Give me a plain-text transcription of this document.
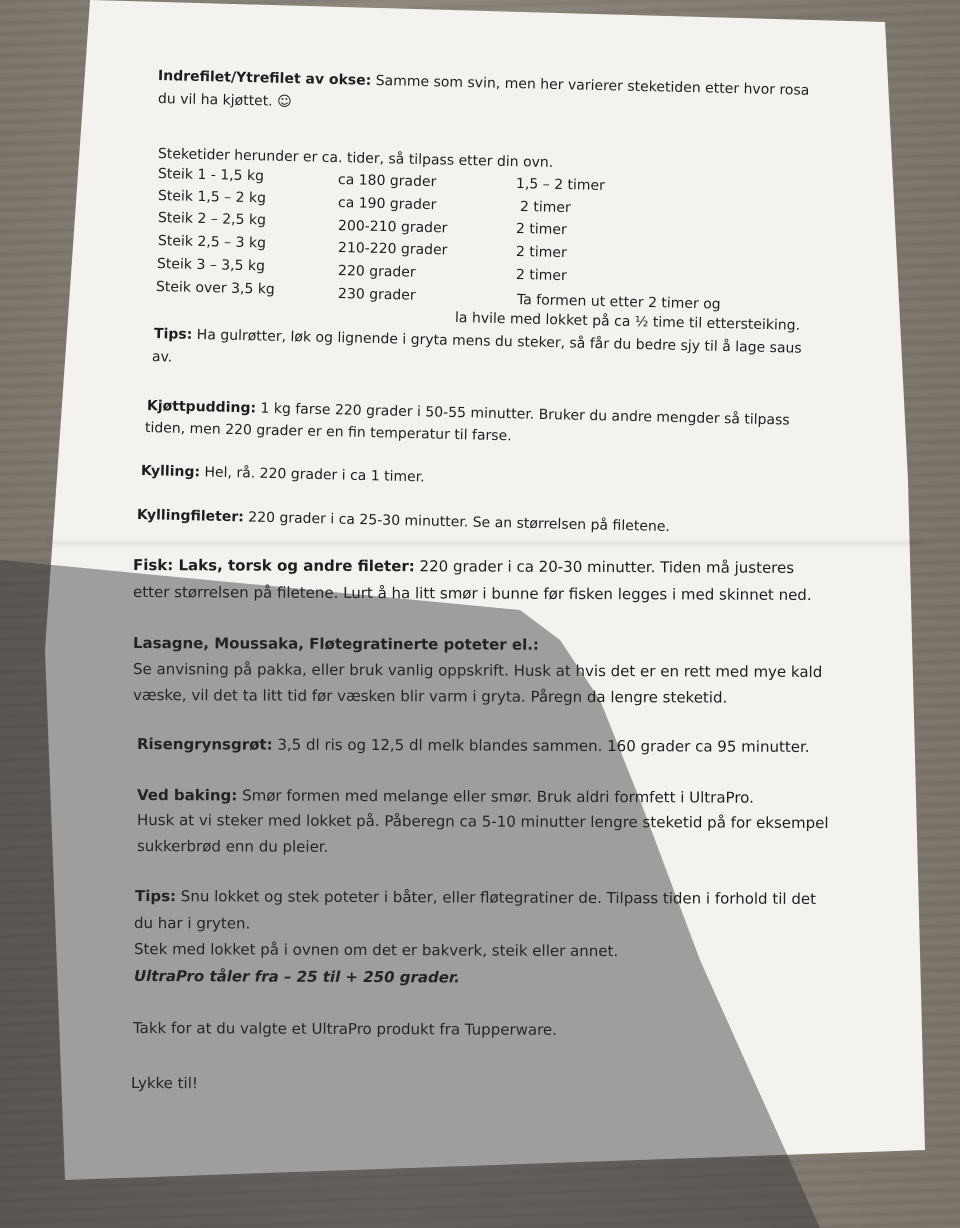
Indrefilet/Ytrefilet av okse: Samme som svin, men her varierer steketiden etter hvor rosa
du vil ha kjøttet. ☺
Steketider herunder er ca. tider, så tilpass etter din ovn.
Steik 1 - 1,5 kg	ca 180 grader	1,5 – 2 timer
Steik 1,5 – 2 kg	ca 190 grader	2 timer
Steik 2 – 2,5 kg	200-210 grader	2 timer
Steik 2,5 – 3 kg	210-220 grader	2 timer
Steik 3 – 3,5 kg	220 grader	2 timer
Steik over 3,5 kg	230 grader	Ta formen ut etter 2 timer og
la hvile med lokket på ca ½ time til ettersteiking.
Tips: Ha gulrøtter, løk og lignende i gryta mens du steker, så får du bedre sjy til å lage saus
av.
Kjøttpudding: 1 kg farse 220 grader i 50-55 minutter. Bruker du andre mengder så tilpass
tiden, men 220 grader er en fin temperatur til farse.
Kylling: Hel, rå. 220 grader i ca 1 timer.
Kyllingfileter: 220 grader i ca 25-30 minutter. Se an størrelsen på filetene.
Fisk: Laks, torsk og andre fileter: 220 grader i ca 20-30 minutter. Tiden må justeres
etter størrelsen på filetene. Lurt å ha litt smør i bunne før fisken legges i med skinnet ned.
Lasagne, Moussaka, Fløtegratinerte poteter el.:
Se anvisning på pakka, eller bruk vanlig oppskrift. Husk at hvis det er en rett med mye kald
væske, vil det ta litt tid før væsken blir varm i gryta. Påregn da lengre steketid.
Risengrynsgrøt: 3,5 dl ris og 12,5 dl melk blandes sammen. 160 grader ca 95 minutter.
Ved baking: Smør formen med melange eller smør. Bruk aldri formfett i UltraPro.
Husk at vi steker med lokket på. Påberegn ca 5-10 minutter lengre steketid på for eksempel
sukkerbrød enn du pleier.
Tips: Snu lokket og stek poteter i båter, eller fløtegratiner de. Tilpass tiden i forhold til det
du har i gryten.
Stek med lokket på i ovnen om det er bakverk, steik eller annet.
UltraPro tåler fra – 25 til + 250 grader.
Takk for at du valgte et UltraPro produkt fra Tupperware.
Lykke til!
